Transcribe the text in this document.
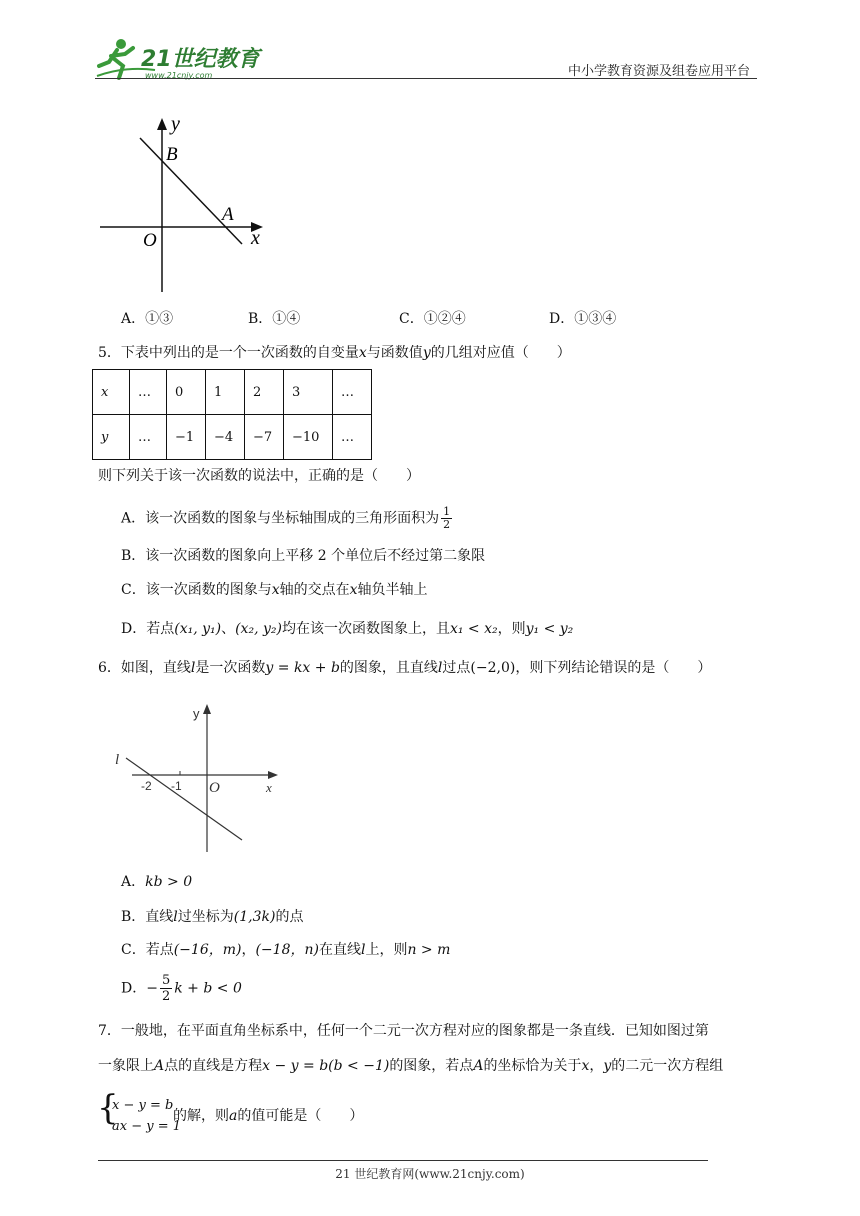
21世纪教育
www.21cnjy.com	中小学教育资源及组卷应用平台
y
B
A
O	x
A．①③	B．①④	C．①②④	D．①③④
5．下表中列出的是一个一次函数的自变量x与函数值y的几组对应值（　　）
x	…	0	1	2	3	…
y	…	−1	−4	−7	−10	…
则下列关于该一次函数的说法中，正确的是（　　）
A．该一次函数的图象与坐标轴围成的三角形面积为 $\frac{1}{2}$
B．该一次函数的图象向上平移 2 个单位后不经过第二象限
C．该一次函数的图象与x轴的交点在x轴负半轴上
D．若点(x₁, y₁)、(x₂, y₂)均在该一次函数图象上，且x₁ < x₂，则y₁ < y₂
6．如图，直线l是一次函数y = kx + b的图象，且直线l过点(−2,0)，则下列结论错误的是（　　）
l
y
-2 -1 O	x
A．kb > 0
B．直线l过坐标为(1,3k)的点
C．若点(−16，m)，(−18，n)在直线l上，则n > m
D．− $\frac{5}{2}$ k + b < 0
7．一般地，在平面直角坐标系中，任何一个二元一次方程对应的图象都是一条直线．已知如图过第
一象限上A点的直线是方程x − y = b(b < −1)的图象，若点A的坐标恰为关于x，y的二元一次方程组
{
x − y = b
ax − y = 1
的解，则a的值可能是（　　）
21 世纪教育网(www.21cnjy.com)
